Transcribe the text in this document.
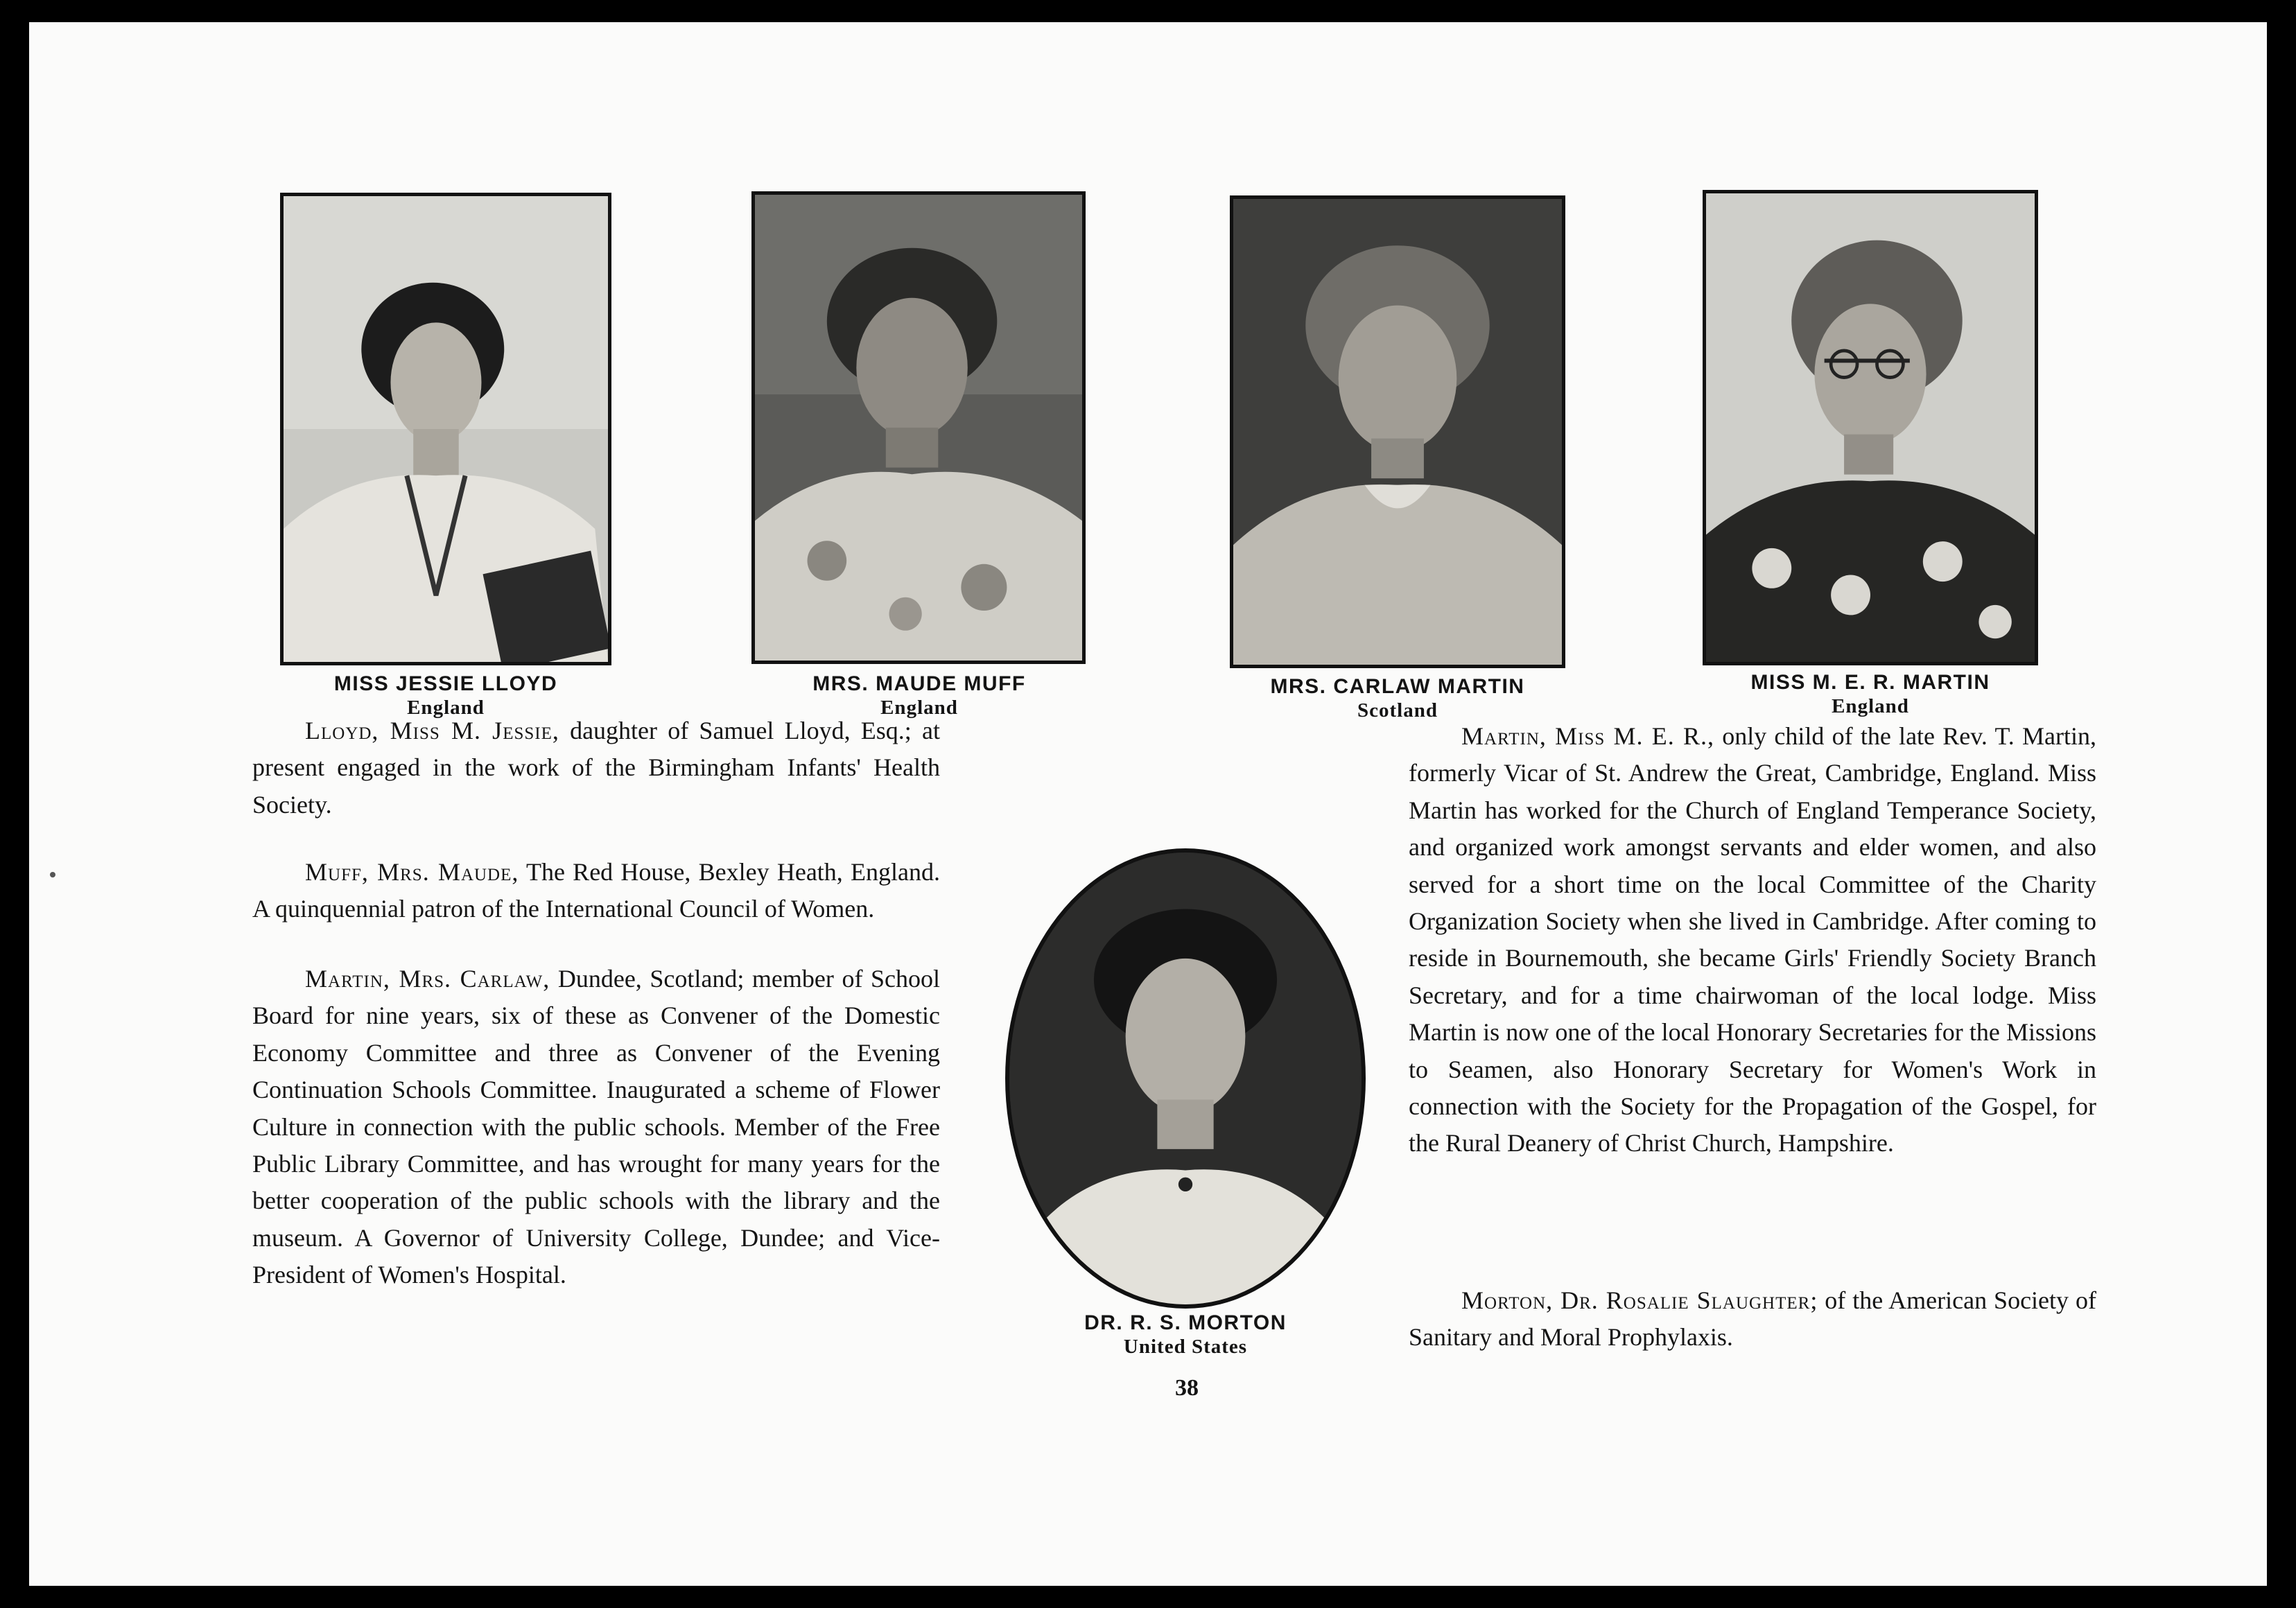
MISS JESSIE LLOYD
England
MRS. MAUDE MUFF
England
MRS. CARLAW MARTIN
Scotland
MISS M. E. R. MARTIN
England
DR. R. S. MORTON
United States

Lloyd, Miss M. Jessie, daughter of Samuel Lloyd, Esq.; at present engaged in the work of the Birmingham Infants' Health Society.

Muff, Mrs. Maude, The Red House, Bexley Heath, England. A quinquennial patron of the International Council of Women.

Martin, Mrs. Carlaw, Dundee, Scotland; member of School Board for nine years, six of these as Convener of the Domestic Economy Committee and three as Convener of the Evening Continuation Schools Committee. Inaugurated a scheme of Flower Culture in connection with the public schools. Member of the Free Public Library Committee, and has wrought for many years for the better cooperation of the public schools with the library and the museum. A Governor of University College, Dundee; and Vice-President of Women's Hospital.

Martin, Miss M. E. R., only child of the late Rev. T. Martin, formerly Vicar of St. Andrew the Great, Cambridge, England. Miss Martin has worked for the Church of England Temperance Society, and organized work amongst servants and elder women, and also served for a short time on the local Committee of the Charity Organization Society when she lived in Cambridge. After coming to reside in Bournemouth, she became Girls' Friendly Society Branch Secretary, and for a time chairwoman of the local lodge. Miss Martin is now one of the local Honorary Secretaries for the Missions to Seamen, also Honorary Secretary for Women's Work in connection with the Society for the Propagation of the Gospel, for the Rural Deanery of Christ Church, Hampshire.

Morton, Dr. Rosalie Slaughter; of the American Society of Sanitary and Moral Prophylaxis.

38
